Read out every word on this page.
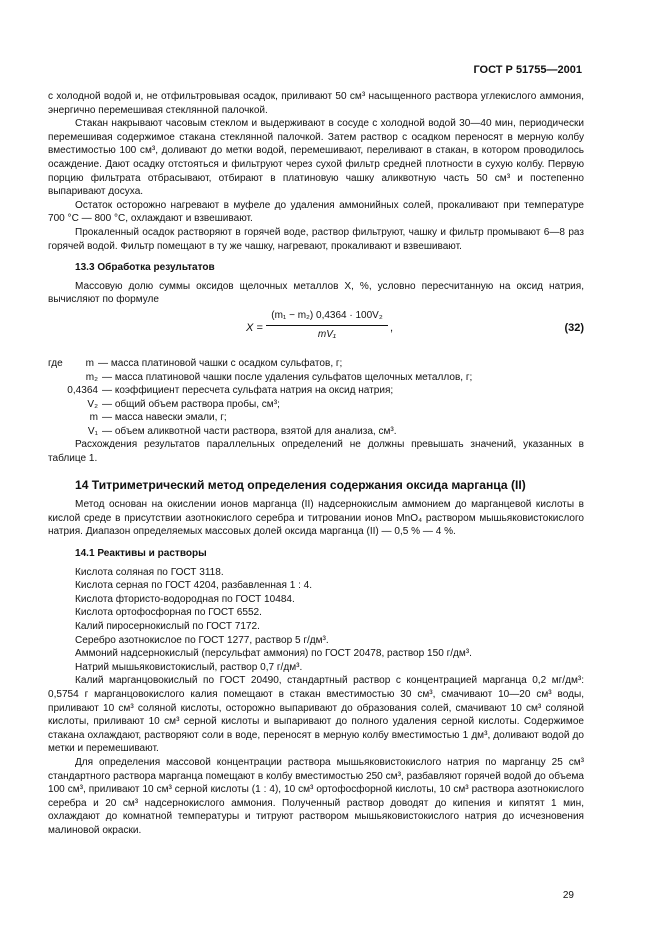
ГОСТ Р 51755—2001

с холодной водой и, не отфильтровывая осадок, приливают 50 см³ насыщенного раствора углекислого аммония, энергично перемешивая стеклянной палочкой.

Стакан накрывают часовым стеклом и выдерживают в сосуде с холодной водой 30—40 мин, периодически перемешивая содержимое стакана стеклянной палочкой. Затем раствор с осадком переносят в мерную колбу вместимостью 100 см³, доливают до метки водой, перемешивают, переливают в стакан, в котором проводилось осаждение. Дают осадку отстояться и фильтруют через сухой фильтр средней плотности в сухую колбу. Первую порцию фильтрата отбрасывают, отбирают в платиновую чашку аликвотную часть 50 см³ и постепенно выпаривают досуха.

Остаток осторожно нагревают в муфеле до удаления аммонийных солей, прокаливают при температуре 700 °С — 800 °С, охлаждают и взвешивают.

Прокаленный осадок растворяют в горячей воде, раствор фильтруют, чашку и фильтр промывают 6—8 раз горячей водой. Фильтр помещают в ту же чашку, нагревают, прокаливают и взвешивают.

13.3 Обработка результатов

Массовую долю суммы оксидов щелочных металлов X, %, условно пересчитанную на оксид натрия, вычисляют по формуле

$X = \frac{\text{(m₁ − m₂) 0,4364 · 100V₂}}{\text{mV₁}}$ ,	(32)
где	m — масса платиновой чашки с осадком сульфатов, г;
m₂ — масса платиновой чашки после удаления сульфатов щелочных металлов, г;
0,4364 — коэффициент пересчета сульфата натрия на оксид натрия;
V₂ — общий объем раствора пробы, см³;
m — масса навески эмали, г;
V₁ — объем аликвотной части раствора, взятой для анализа, см³.

Расхождения результатов параллельных определений не должны превышать значений, указанных в таблице 1.

14 Титриметрический метод определения содержания оксида марганца (II)

Метод основан на окислении ионов марганца (II) надсернокислым аммонием до марганцевой кислоты в кислой среде в присутствии азотнокислого серебра и титровании ионов MnO₄ раствором мышьяковистокислого натрия. Диапазон определяемых массовых долей оксида марганца (II) — 0,5 % — 4 %.

14.1 Реактивы и растворы

Кислота соляная по ГОСТ 3118.

Кислота серная по ГОСТ 4204, разбавленная 1 : 4.

Кислота фтористо-водородная по ГОСТ 10484.

Кислота ортофосфорная по ГОСТ 6552.

Калий пиросернокислый по ГОСТ 7172.

Серебро азотнокислое по ГОСТ 1277, раствор 5 г/дм³.

Аммоний надсернокислый (персульфат аммония) по ГОСТ 20478, раствор 150 г/дм³.

Натрий мышьяковистокислый, раствор 0,7 г/дм³.

Калий марганцовокислый по ГОСТ 20490, стандартный раствор с концентрацией марганца 0,2 мг/дм³: 0,5754 г марганцовокислого калия помещают в стакан вместимостью 30 см³, смачивают 10—20 см³ воды, приливают 10 см³ соляной кислоты, осторожно выпаривают до образования солей, смачивают 10 см³ соляной кислоты, приливают 10 см³ серной кислоты и выпаривают до полного удаления серной кислоты. Содержимое стакана охлаждают, растворяют соли в воде, переносят в мерную колбу вместимостью 1 дм³, доливают водой до метки и перемешивают.

Для определения массовой концентрации раствора мышьяковистокислого натрия по марганцу 25 см³ стандартного раствора марганца помещают в колбу вместимостью 250 см³, разбавляют горячей водой до объема 100 см³, приливают 10 см³ серной кислоты (1 : 4), 10 см³ ортофосфорной кислоты, 10 см³ раствора азотнокислого серебра и 20 см³ надсернокислого аммония. Полученный раствор доводят до кипения и кипятят 1 мин, охлаждают до комнатной температуры и титруют раствором мышьяковистокислого натрия до исчезновения малиновой окраски.

29
